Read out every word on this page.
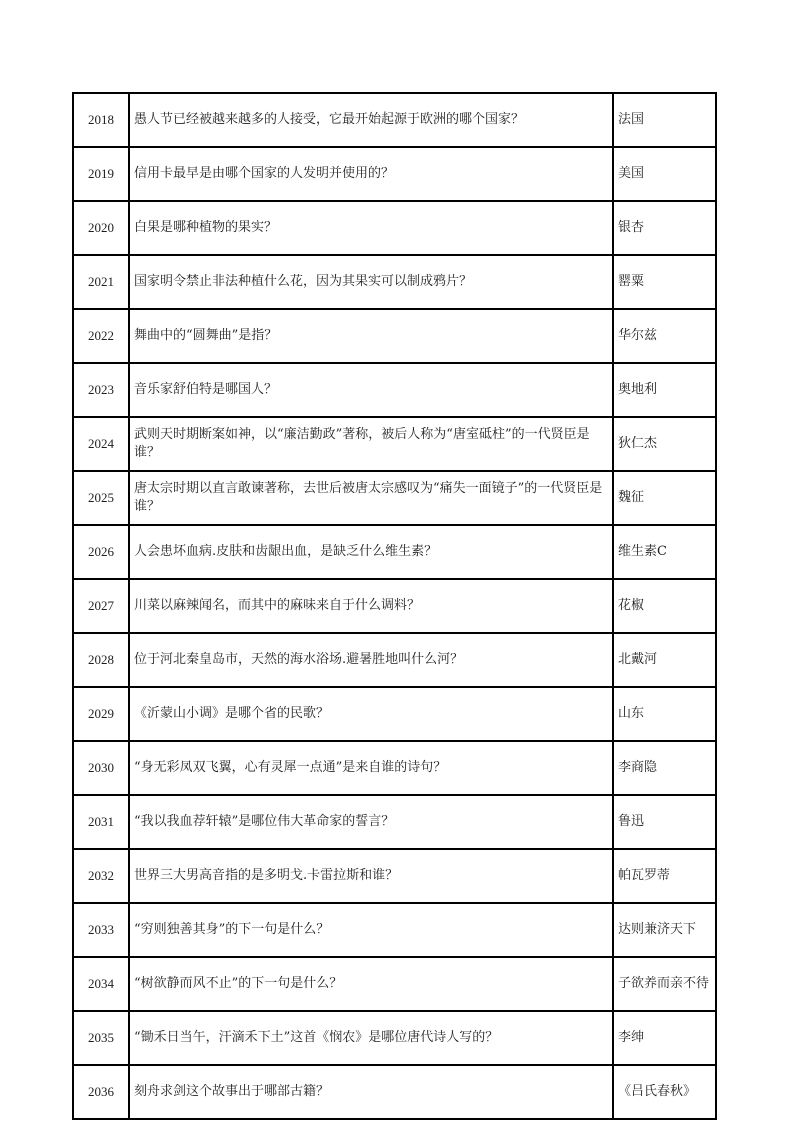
2018	愚人节已经被越来越多的人接受，它最开始起源于欧洲的哪个国家？	法国
2019	信用卡最早是由哪个国家的人发明并使用的？	美国
2020	白果是哪种植物的果实？	银杏
2021	国家明令禁止非法种植什么花，因为其果实可以制成鸦片？	罂粟
2022	舞曲中的“圆舞曲”是指？	华尔兹
2023	音乐家舒伯特是哪国人？	奥地利
2024	武则天时期断案如神，以“廉洁勤政”著称，被后人称为“唐室砥柱”的一代贤臣是谁？	狄仁杰
2025	唐太宗时期以直言敢谏著称，去世后被唐太宗感叹为“痛失一面镜子”的一代贤臣是谁？	魏征
2026	人会患坏血病.皮肤和齿龈出血，是缺乏什么维生素？	维生素C
2027	川菜以麻辣闻名，而其中的麻味来自于什么调料？	花椒
2028	位于河北秦皇岛市，天然的海水浴场.避暑胜地叫什么河？	北戴河
2029	《沂蒙山小调》是哪个省的民歌？	山东
2030	“身无彩凤双飞翼，心有灵犀一点通”是来自谁的诗句？	李商隐
2031	“我以我血荐轩辕”是哪位伟大革命家的誓言？	鲁迅
2032	世界三大男高音指的是多明戈.卡雷拉斯和谁？	帕瓦罗蒂
2033	“穷则独善其身”的下一句是什么？	达则兼济天下
2034	“树欲静而风不止”的下一句是什么？	子欲养而亲不待
2035	“锄禾日当午，汗滴禾下土”这首《悯农》是哪位唐代诗人写的？	李绅
2036	刻舟求剑这个故事出于哪部古籍？	《吕氏春秋》
